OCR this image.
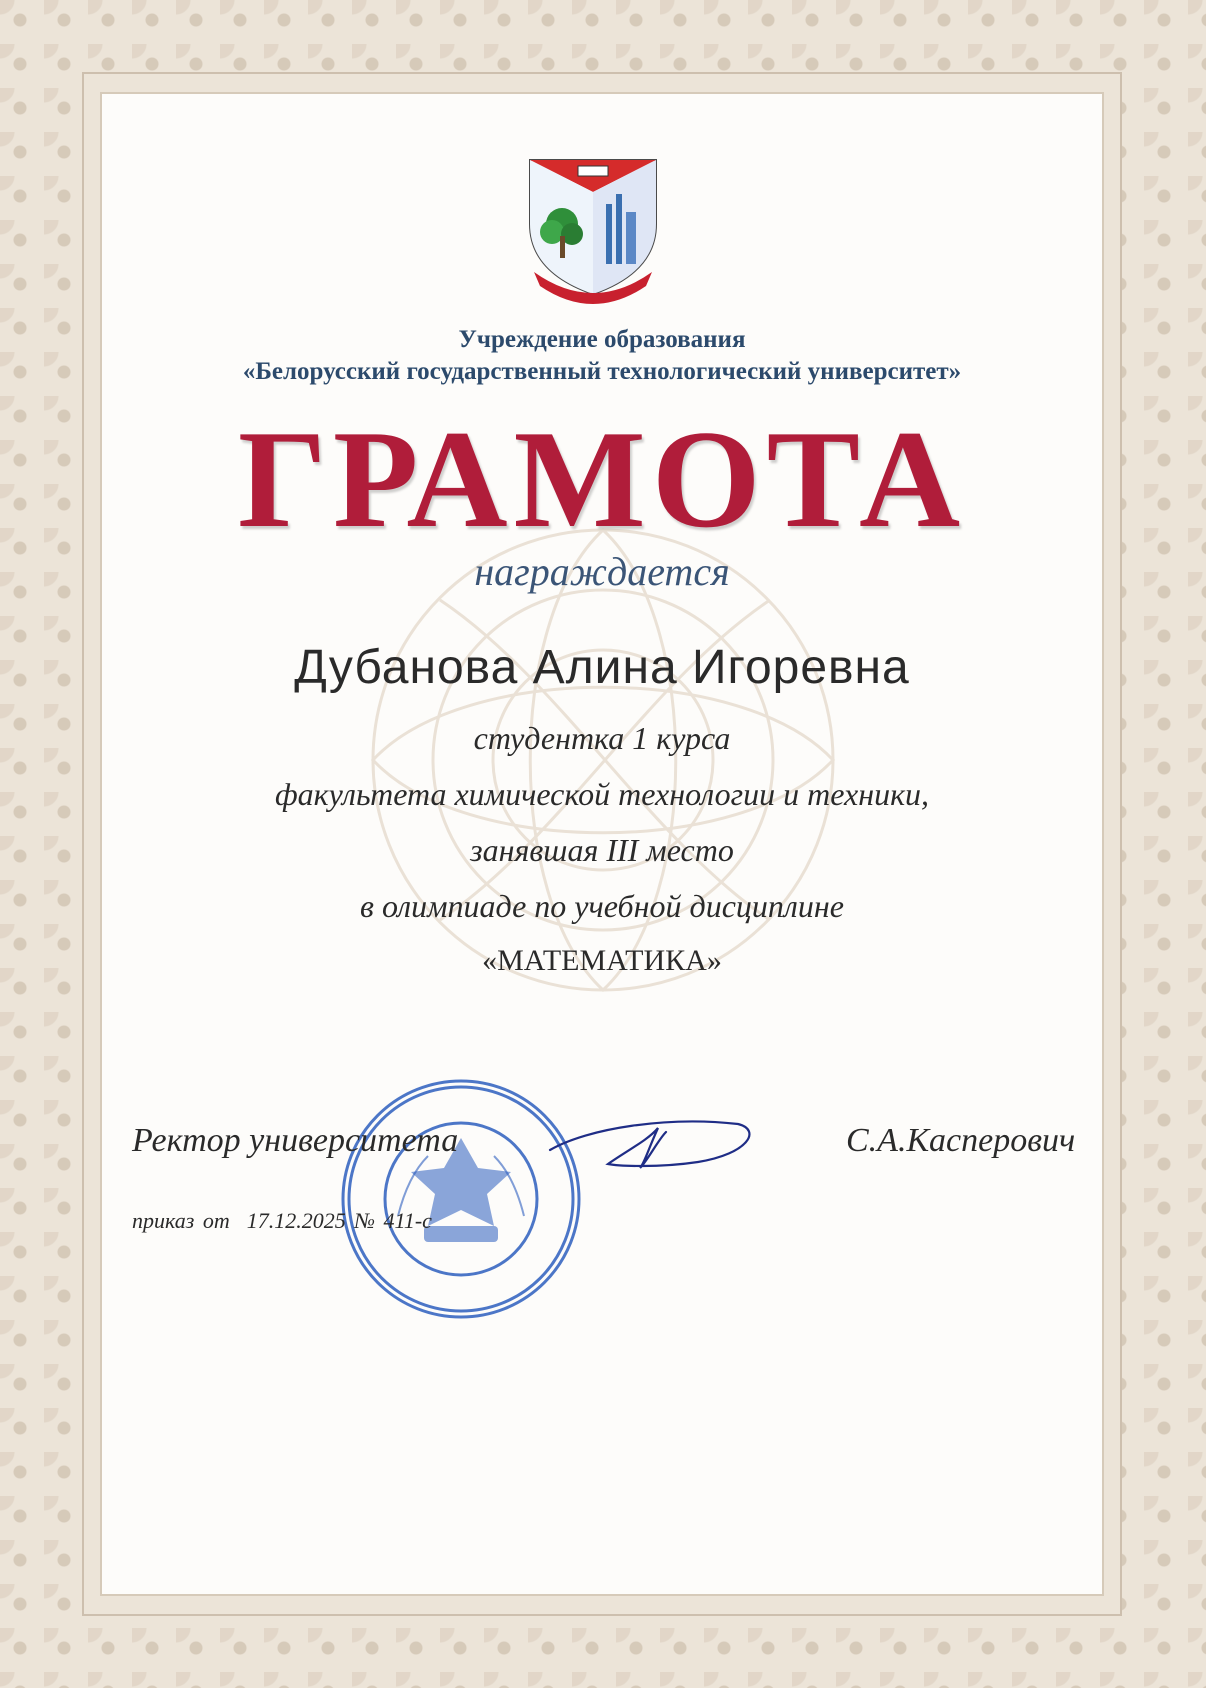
Учреждение образования
«Белорусский государственный технологический университет»
ГРАМОТА
награждается
Дубанова Алина Игоревна
студентка 1 курса
факультета химической технологии и техники,
занявшая III место
в олимпиаде по учебной дисциплине
«МАТЕМАТИКА»
Ректор университета	С.А.Касперович
приказ от 17.12.2025 № 411-с
